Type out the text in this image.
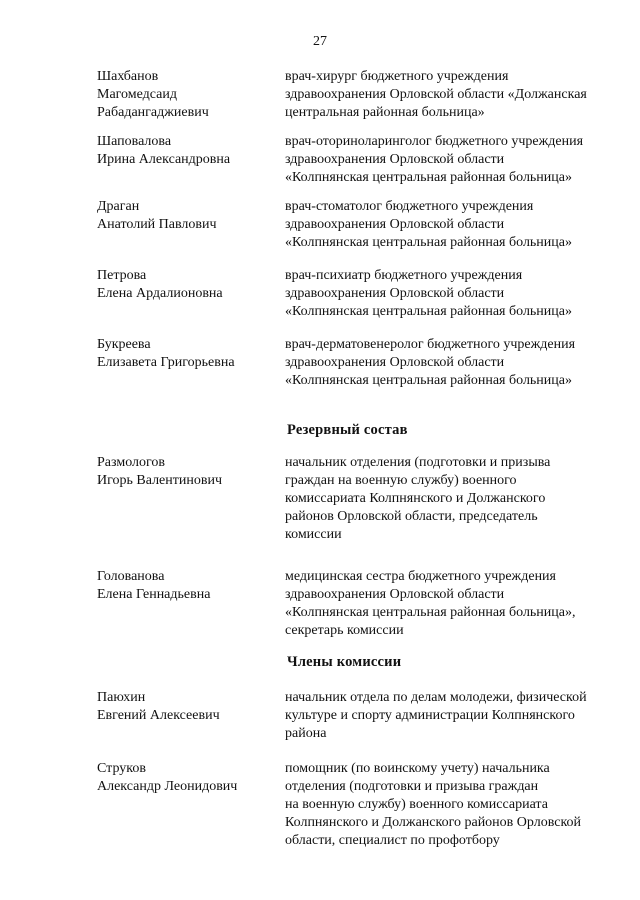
27
Шахбанов
Магомедсаид
Рабадангаджиевич
врач-хирург бюджетного учреждения
здравоохранения Орловской области «Должанская
центральная районная больница»
Шаповалова
Ирина Александровна
врач-оториноларинголог бюджетного учреждения
здравоохранения Орловской области
«Колпнянская центральная районная больница»
Драган
Анатолий Павлович
врач-стоматолог бюджетного учреждения
здравоохранения Орловской области
«Колпнянская центральная районная больница»
Петрова
Елена Ардалионовна
врач-психиатр бюджетного учреждения
здравоохранения Орловской области
«Колпнянская центральная районная больница»
Букреева
Елизавета Григорьевна
врач-дерматовенеролог бюджетного учреждения
здравоохранения Орловской области
«Колпнянская центральная районная больница»
Резервный состав
Размологов
Игорь Валентинович
начальник отделения (подготовки и призыва
граждан на военную службу) военного
комиссариата Колпнянского и Должанского
районов Орловской области, председатель
комиссии
Голованова
Елена Геннадьевна
медицинская сестра бюджетного учреждения
здравоохранения Орловской области
«Колпнянская центральная районная больница»,
секретарь комиссии
Члены комиссии
Паюхин
Евгений Алексеевич
начальник отдела по делам молодежи, физической
культуре и спорту администрации Колпнянского
района
Струков
Александр Леонидович
помощник (по воинскому учету) начальника
отделения (подготовки и призыва граждан
на военную службу) военного комиссариата
Колпнянского и Должанского районов Орловской
области, специалист по профотбору
